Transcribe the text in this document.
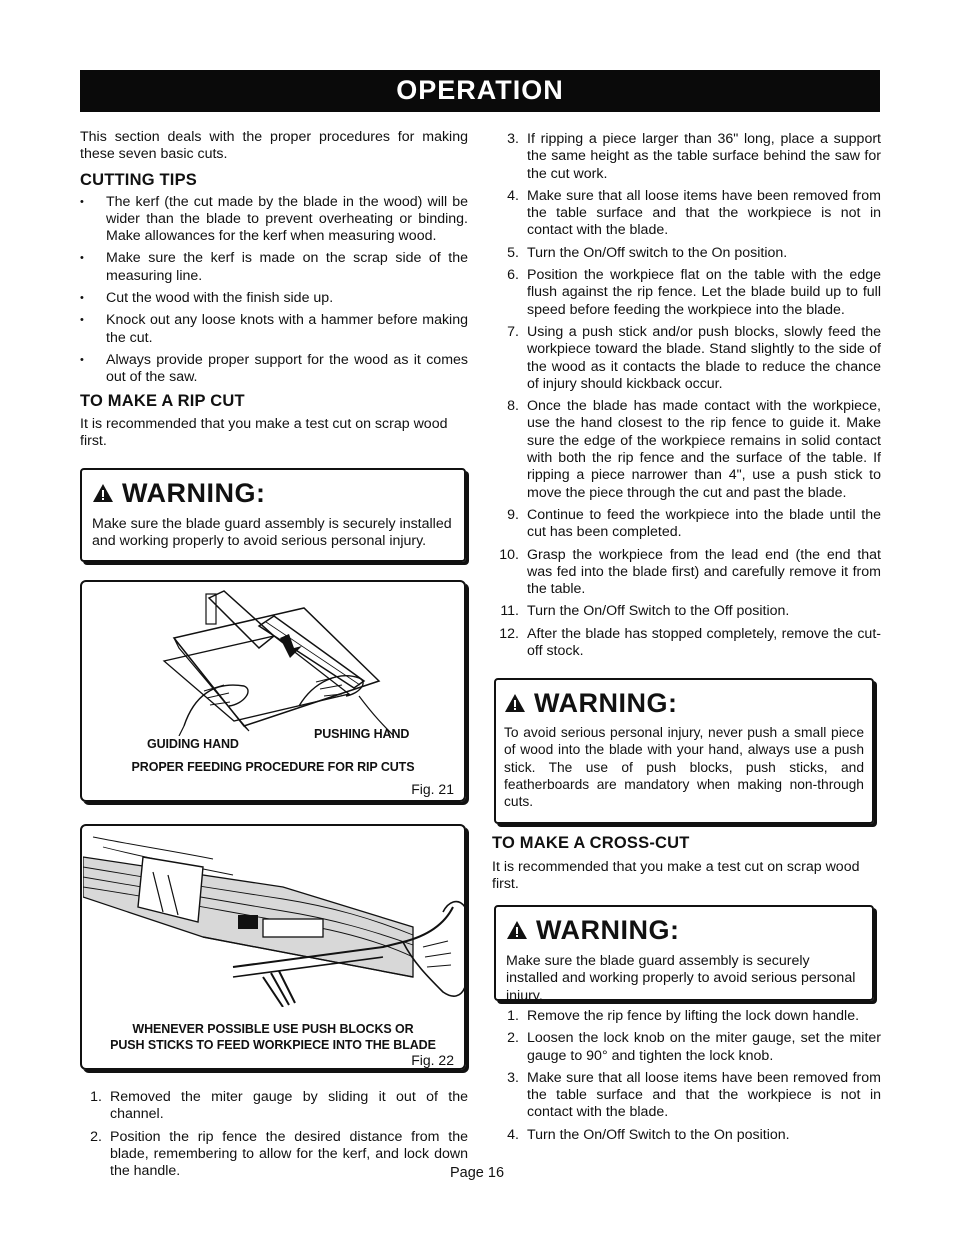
OPERATION

This section deals with the proper procedures for making these seven basic cuts.

CUTTING TIPS
• The kerf (the cut made by the blade in the wood) will be wider than the blade to prevent overheating or binding. Make allowances for the kerf when measuring wood.
• Make sure the kerf is made on the scrap side of the measuring line.
• Cut the wood with the finish side up.
• Knock out any loose knots with a hammer before making the cut.
• Always provide proper support for the wood as it comes out of the saw.
TO MAKE A RIP CUT

It is recommended that you make a test cut on scrap wood first.

WARNING:

Make sure the blade guard assembly is securely installed and working properly to avoid serious personal injury.

GUIDING HAND
PUSHING HAND
PROPER FEEDING PROCEDURE FOR RIP CUTS
Fig. 21
WHENEVER POSSIBLE USE PUSH BLOCKS OR
PUSH STICKS TO FEED WORKPIECE INTO THE BLADE
Fig. 22
1. Removed the miter gauge by sliding it out of the channel.
2. Position the rip fence the desired distance from the blade, remembering to allow for the kerf, and lock down the handle.
3. If ripping a piece larger than 36" long, place a support the same height as the table surface behind the saw for the cut work.
4. Make sure that all loose items have been removed from the table surface and that the workpiece is not in contact with the blade.
5. Turn the On/Off switch to the On position.
6. Position the workpiece flat on the table with the edge flush against the rip fence. Let the blade build up to full speed before feeding the workpiece into the blade.
7. Using a push stick and/or push blocks, slowly feed the workpiece toward the blade. Stand slightly to the side of the wood as it contacts the blade to reduce the chance of injury should kickback occur.
8. Once the blade has made contact with the workpiece, use the hand closest to the rip fence to guide it. Make sure the edge of the workpiece remains in solid contact with both the rip fence and the surface of the table. If ripping a piece narrower than 4", use a push stick to move the piece through the cut and past the blade.
9. Continue to feed the workpiece into the blade until the cut has been completed.
10. Grasp the workpiece from the lead end (the end that was fed into the blade first) and carefully remove it from the table.
11. Turn the On/Off Switch to the Off position.
12. After the blade has stopped completely, remove the cut-off stock.
WARNING:

To avoid serious personal injury, never push a small piece of wood into the blade with your hand, always use a push stick. The use of push blocks, push sticks, and featherboards are mandatory when making non-through cuts.

TO MAKE A CROSS-CUT

It is recommended that you make a test cut on scrap wood first.

WARNING:

Make sure the blade guard assembly is securely installed and working properly to avoid serious personal injury.

1. Remove the rip fence by lifting the lock down handle.
2. Loosen the lock knob on the miter gauge, set the miter gauge to 90° and tighten the lock knob.
3. Make sure that all loose items have been removed from the table surface and that the workpiece is not in contact with the blade.
4. Turn the On/Off Switch to the On position.
Page 16
